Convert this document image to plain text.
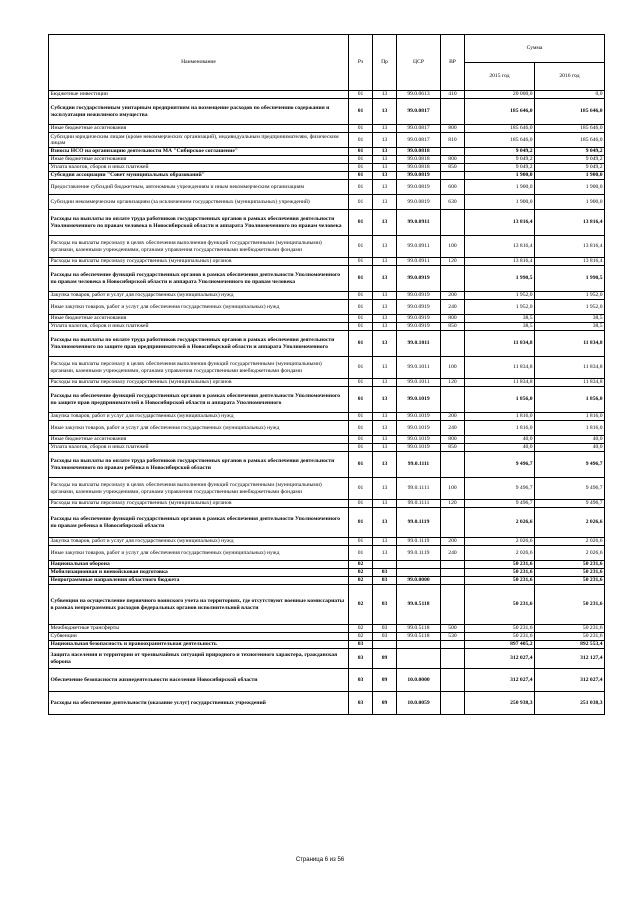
Наименование	Рз	Пр	ЦСР	ВР	Сумма	
					2015 год	2016 год
Бюджетные инвестиции	01	13	99.0.0613	410	20 000,0	0,0
Субсидии государственным унитарным предприятиям на возмещение расходов по обеспечению содержания и эксплуатации нежилимого имущества	01	13	99.0.0817		185 646,0	185 646,0
Иные бюджетные ассигнования	01	13	99.0.0817	800	185 646,0	185 646,0
Субсидии юридическим лицам (кроме некоммерческих организаций), индивидуальным предпринимателям, физическим лицам	01	13	99.0.0817	810	185 646,0	185 646,0
Взносы НСО на организацию деятельности МА "Сибирское соглашение"	01	13	99.0.0818		9 049,2	9 049,2
Иные бюджетные ассигнования	01	13	99.0.0818	800	9 049,2	9 049,2
Уплата налогов, сборов и иных платежей	01	13	99.0.0818	850	9 049,2	9 049,2
Субсидия ассоциации "Совет муниципальных образований"	01	13	99.0.0819		1 900,0	1 900,0
Предоставление субсидий бюджетным, автономным учреждениям и иным некоммерческим организациям	01	13	99.0.0819	600	1 900,0	1 900,0
Субсидии некоммерческим организациям (за исключением государственных (муниципальных) учреждений)	01	13	99.0.0819	630	1 900,0	1 900,0
Расходы на выплаты по оплате труда работников государственных органов в рамках обеспечения деятельности Уполномоченного по правам человека в Новосибирской области и аппарата Уполномоченного по правам человека	01	13	99.0.0911		13 816,4	13 816,4
Расходы на выплаты персоналу в целях обеспечения выполнения функций государственными (муниципальными) органами, казенными учреждениями, органами управления государственными внебюджетными фондами	01	13	99.0.0911	100	13 816,4	13 816,4
Расходы на выплаты персоналу государственных (муниципальных) органов	01	13	99.0.0911	120	13 816,4	13 816,4
Расходы на обеспечение функций государственных органов в рамках обеспечения деятельности Уполномоченного по правам человека в Новосибирской области и аппарата Уполномоченного по правам человека	01	13	99.0.0919		1 990,5	1 990,5
Закупка товаров, работ и услуг для государственных (муниципальных) нужд	01	13	99.0.0919	200	1 952,0	1 952,0
Иные закупки товаров, работ и услуг для обеспечения государственных (муниципальных) нужд	01	13	99.0.0919	240	1 952,0	1 952,0
Иные бюджетные ассигнования	01	13	99.0.0919	800	38,5	38,5
Уплата налогов, сборов и иных платежей	01	13	99.0.0919	850	38,5	38,5
Расходы на выплаты по оплате труда работников государственных органов в рамках обеспечения деятельности Уполномоченного по защите прав предпринимателей в Новосибирской области и аппарата Уполномоченного	01	13	99.0.1011		11 834,8	11 834,8
Расходы на выплаты персоналу в целях обеспечения выполнения функций государственными (муниципальными) органами, казенными учреждениями, органами управления государственными внебюджетными фондами	01	13	99.0.1011	100	11 834,8	11 834,8
Расходы на выплаты персоналу государственных (муниципальных) органов	01	13	99.0.1011	120	11 834,8	11 834,8
Расходы на обеспечение функций государственных органов в рамках обеспечения деятельности Уполномоченного по защите прав предпринимателей в Новосибирской области и аппарата Уполномоченного	01	13	99.0.1019		1 856,0	1 856,0
Закупка товаров, работ и услуг для государственных (муниципальных) нужд	01	13	99.0.1019	200	1 816,0	1 816,0
Иные закупки товаров, работ и услуг для обеспечения государственных (муниципальных) нужд	01	13	99.0.1019	240	1 816,0	1 816,0
Иные бюджетные ассигнования	01	13	99.0.1019	800	40,0	40,0
Уплата налогов, сборов и иных платежей	01	13	99.0.1019	850	40,0	40,0
Расходы на выплаты по оплате труда работников государственных органов в рамках обеспечения деятельности Уполномоченного по правам ребёнка в Новосибирской области	01	13	99.0.1111		9 496,7	9 496,7
Расходы на выплаты персоналу в целях обеспечения выполнения функций государственными (муниципальными) органами, казенными учреждениями, органами управления государственными внебюджетными фондами	01	13	99.0.1111	100	9 496,7	9 496,7
Расходы на выплаты персоналу государственных (муниципальных) органов	01	13	99.0.1111	120	9 496,7	9 496,7
Расходы на обеспечение функций государственных органов в рамках обеспечения деятельности Уполномоченного по правам ребенка в Новосибирской области	01	13	99.0.1119		2 026,6	2 026,6
Закупка товаров, работ и услуг для государственных (муниципальных) нужд	01	13	99.0.1119	200	2 026,6	2 026,6
Иные закупки товаров, работ и услуг для обеспечения государственных (муниципальных) нужд	01	13	99.0.1119	240	2 026,6	2 026,6
Национальная оборона	02				50 231,6	50 231,6
Мобилизационная и вневойсковая подготовка	02	03			50 231,6	50 231,6
Непрограммные направления областного бюджета	02	03	99.0.0000		50 231,6	50 231,6
Субвенции на осуществление первичного воинского учета на территориях, где отсутствуют военные комиссариаты в рамках непрограммных расходов федеральных органов исполнительной власти	02	03	99.0.5118		50 231,6	50 231,6
Межбюджетные трансферты	02	03	99.0.5118	500	50 231,6	50 231,6
Субвенции	02	03	99.0.5118	530	50 231,6	50 231,6
Национальная безопасность и правоохранительная деятельность	03				897 405,2	892 553,4
Защита населения и территории от чрезвычайных ситуаций природного и техногенного характера, гражданская оборона	03	09			312 027,4	312 127,4
Обеспечение безопасности жизнедеятельности населения Новосибирской области	03	09	10.0.0000		312 027,4	312 027,4
Расходы на обеспечение деятельности (оказание услуг) государственных учреждений	03	09	10.0.0059		250 938,3	251 038,3
Страница 6 из 56
